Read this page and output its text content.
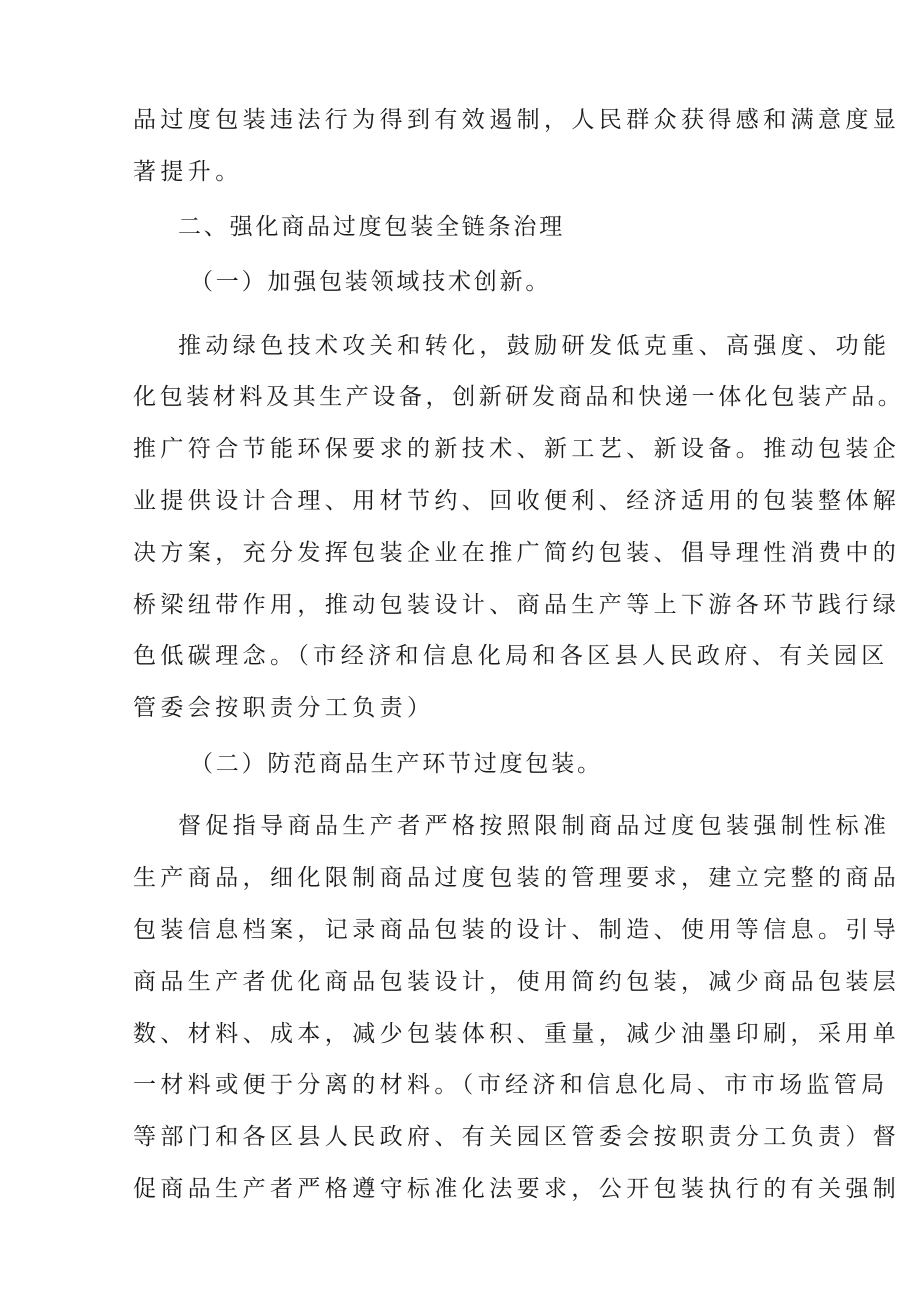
品过度包装违法行为得到有效遏制，人民群众获得感和满意度显
著提升。
二、强化商品过度包装全链条治理
（一）加强包装领域技术创新。
推动绿色技术攻关和转化，鼓励研发低克重、高强度、功能
化包装材料及其生产设备，创新研发商品和快递一体化包装产品。
推广符合节能环保要求的新技术、新工艺、新设备。推动包装企
业提供设计合理、用材节约、回收便利、经济适用的包装整体解
决方案，充分发挥包装企业在推广简约包装、倡导理性消费中的
桥梁纽带作用，推动包装设计、商品生产等上下游各环节践行绿
色低碳理念。（市经济和信息化局和各区县人民政府、有关园区
管委会按职责分工负责）
（二）防范商品生产环节过度包装。
督促指导商品生产者严格按照限制商品过度包装强制性标准
生产商品，细化限制商品过度包装的管理要求，建立完整的商品
包装信息档案，记录商品包装的设计、制造、使用等信息。引导
商品生产者优化商品包装设计，使用简约包装，减少商品包装层
数、材料、成本，减少包装体积、重量，减少油墨印刷，采用单
一材料或便于分离的材料。（市经济和信息化局、市市场监管局
等部门和各区县人民政府、有关园区管委会按职责分工负责）督
促商品生产者严格遵守标准化法要求，公开包装执行的有关强制
